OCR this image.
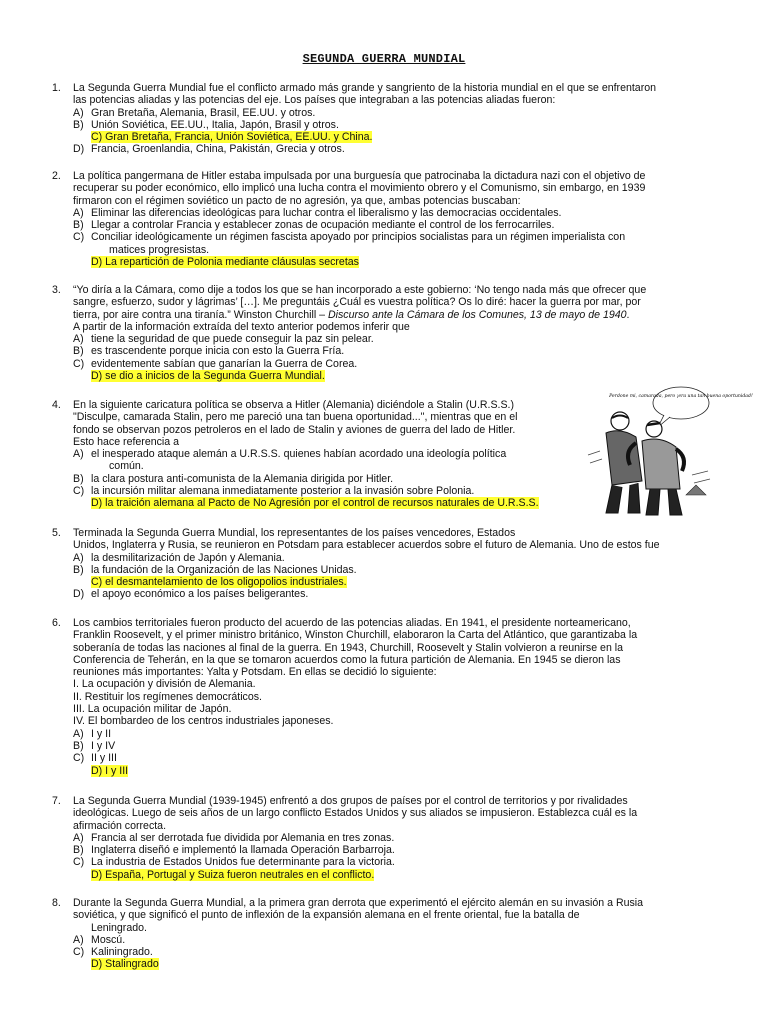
SEGUNDA GUERRA MUNDIAL
1. La Segunda Guerra Mundial fue el conflicto armado más grande y sangriento de la historia mundial en el que se enfrentaron
las potencias aliadas y las potencias del eje. Los países que integraban a las potencias aliadas fueron:
A) Gran Bretaña, Alemania, Brasil, EE.UU. y otros.
B) Unión Soviética, EE.UU., Italia, Japón, Brasil y otros.
C) Gran Bretaña, Francia, Unión Soviética, EE.UU. y China.
D) Francia, Groenlandia, China, Pakistán, Grecia y otros.
2. La política pangermana de Hitler estaba impulsada por una burguesía que patrocinaba la dictadura nazi con el objetivo de
recuperar su poder económico, ello implicó una lucha contra el movimiento obrero y el Comunismo, sin embargo, en 1939
firmaron con el régimen soviético un pacto de no agresión, ya que, ambas potencias buscaban:
A) Eliminar las diferencias ideológicas para luchar contra el liberalismo y las democracias occidentales.
B) Llegar a controlar Francia y establecer zonas de ocupación mediante el control de los ferrocarriles.
C) Conciliar ideológicamente un régimen fascista apoyado por principios socialistas para un régimen imperialista con
matices progresistas.
D) La repartición de Polonia mediante cláusulas secretas
3. “Yo diría a la Cámara, como dije a todos los que se han incorporado a este gobierno: ‘No tengo nada más que ofrecer que
sangre, esfuerzo, sudor y lágrimas’ […]. Me preguntáis ¿Cuál es vuestra política? Os lo diré: hacer la guerra por mar, por
tierra, por aire contra una tiranía.” Winston Churchill – Discurso ante la Cámara de los Comunes, 13 de mayo de 1940.
A partir de la información extraída del texto anterior podemos inferir que
A) tiene la seguridad de que puede conseguir la paz sin pelear.
B) es trascendente porque inicia con esto la Guerra Fría.
C) evidentemente sabían que ganarían la Guerra de Corea.
D) se dio a inicios de la Segunda Guerra Mundial.
4. En la siguiente caricatura política se observa a Hitler (Alemania) diciéndole a Stalin (U.R.S.S.)
"Disculpe, camarada Stalin, pero me pareció una tan buena oportunidad...", mientras que en el
fondo se observan pozos petroleros en el lado de Stalin y aviones de guerra del lado de Hitler.
Esto hace referencia a
A) el inesperado ataque alemán a U.R.S.S. quienes habían acordado una ideología política
común.
B) la clara postura anti-comunista de la Alemania dirigida por Hitler.
C) la incursión militar alemana inmediatamente posterior a la invasión sobre Polonia.
D) la traición alemana al Pacto de No Agresión por el control de recursos naturales de U.R.S.S.
Perdone mi, camarada, pero ¡era una tan buena oportunidad!
5. Terminada la Segunda Guerra Mundial, los representantes de los países vencedores, Estados
Unidos, Inglaterra y Rusia, se reunieron en Potsdam para establecer acuerdos sobre el futuro de Alemania. Uno de estos fue
A) la desmilitarización de Japón y Alemania.
B) la fundación de la Organización de las Naciones Unidas.
C) el desmantelamiento de los oligopolios industriales.
D) el apoyo económico a los países beligerantes.
6. Los cambios territoriales fueron producto del acuerdo de las potencias aliadas. En 1941, el presidente norteamericano,
Franklin Roosevelt, y el primer ministro británico, Winston Churchill, elaboraron la Carta del Atlántico, que garantizaba la
soberanía de todas las naciones al final de la guerra. En 1943, Churchill, Roosevelt y Stalin volvieron a reunirse en la
Conferencia de Teherán, en la que se tomaron acuerdos como la futura partición de Alemania. En 1945 se dieron las
reuniones más importantes: Yalta y Potsdam. En ellas se decidió lo siguiente:
I. La ocupación y división de Alemania.
II. Restituir los regímenes democráticos.
III. La ocupación militar de Japón.
IV. El bombardeo de los centros industriales japoneses.
A) I y II
B) I y IV
C) II y III
D) I y III
7. La Segunda Guerra Mundial (1939-1945) enfrentó a dos grupos de países por el control de territorios y por rivalidades
ideológicas. Luego de seis años de un largo conflicto Estados Unidos y sus aliados se impusieron. Establezca cuál es la
afirmación correcta.
A) Francia al ser derrotada fue dividida por Alemania en tres zonas.
B) Inglaterra diseñó e implementó la llamada Operación Barbarroja.
C) La industria de Estados Unidos fue determinante para la victoria.
D) España, Portugal y Suiza fueron neutrales en el conflicto.
8. Durante la Segunda Guerra Mundial, a la primera gran derrota que experimentó el ejército alemán en su invasión a Rusia
soviética, y que significó el punto de inflexión de la expansión alemana en el frente oriental, fue la batalla de
Leningrado.
A) Moscú.
C) Kaliningrado.
D) Stalingrado
